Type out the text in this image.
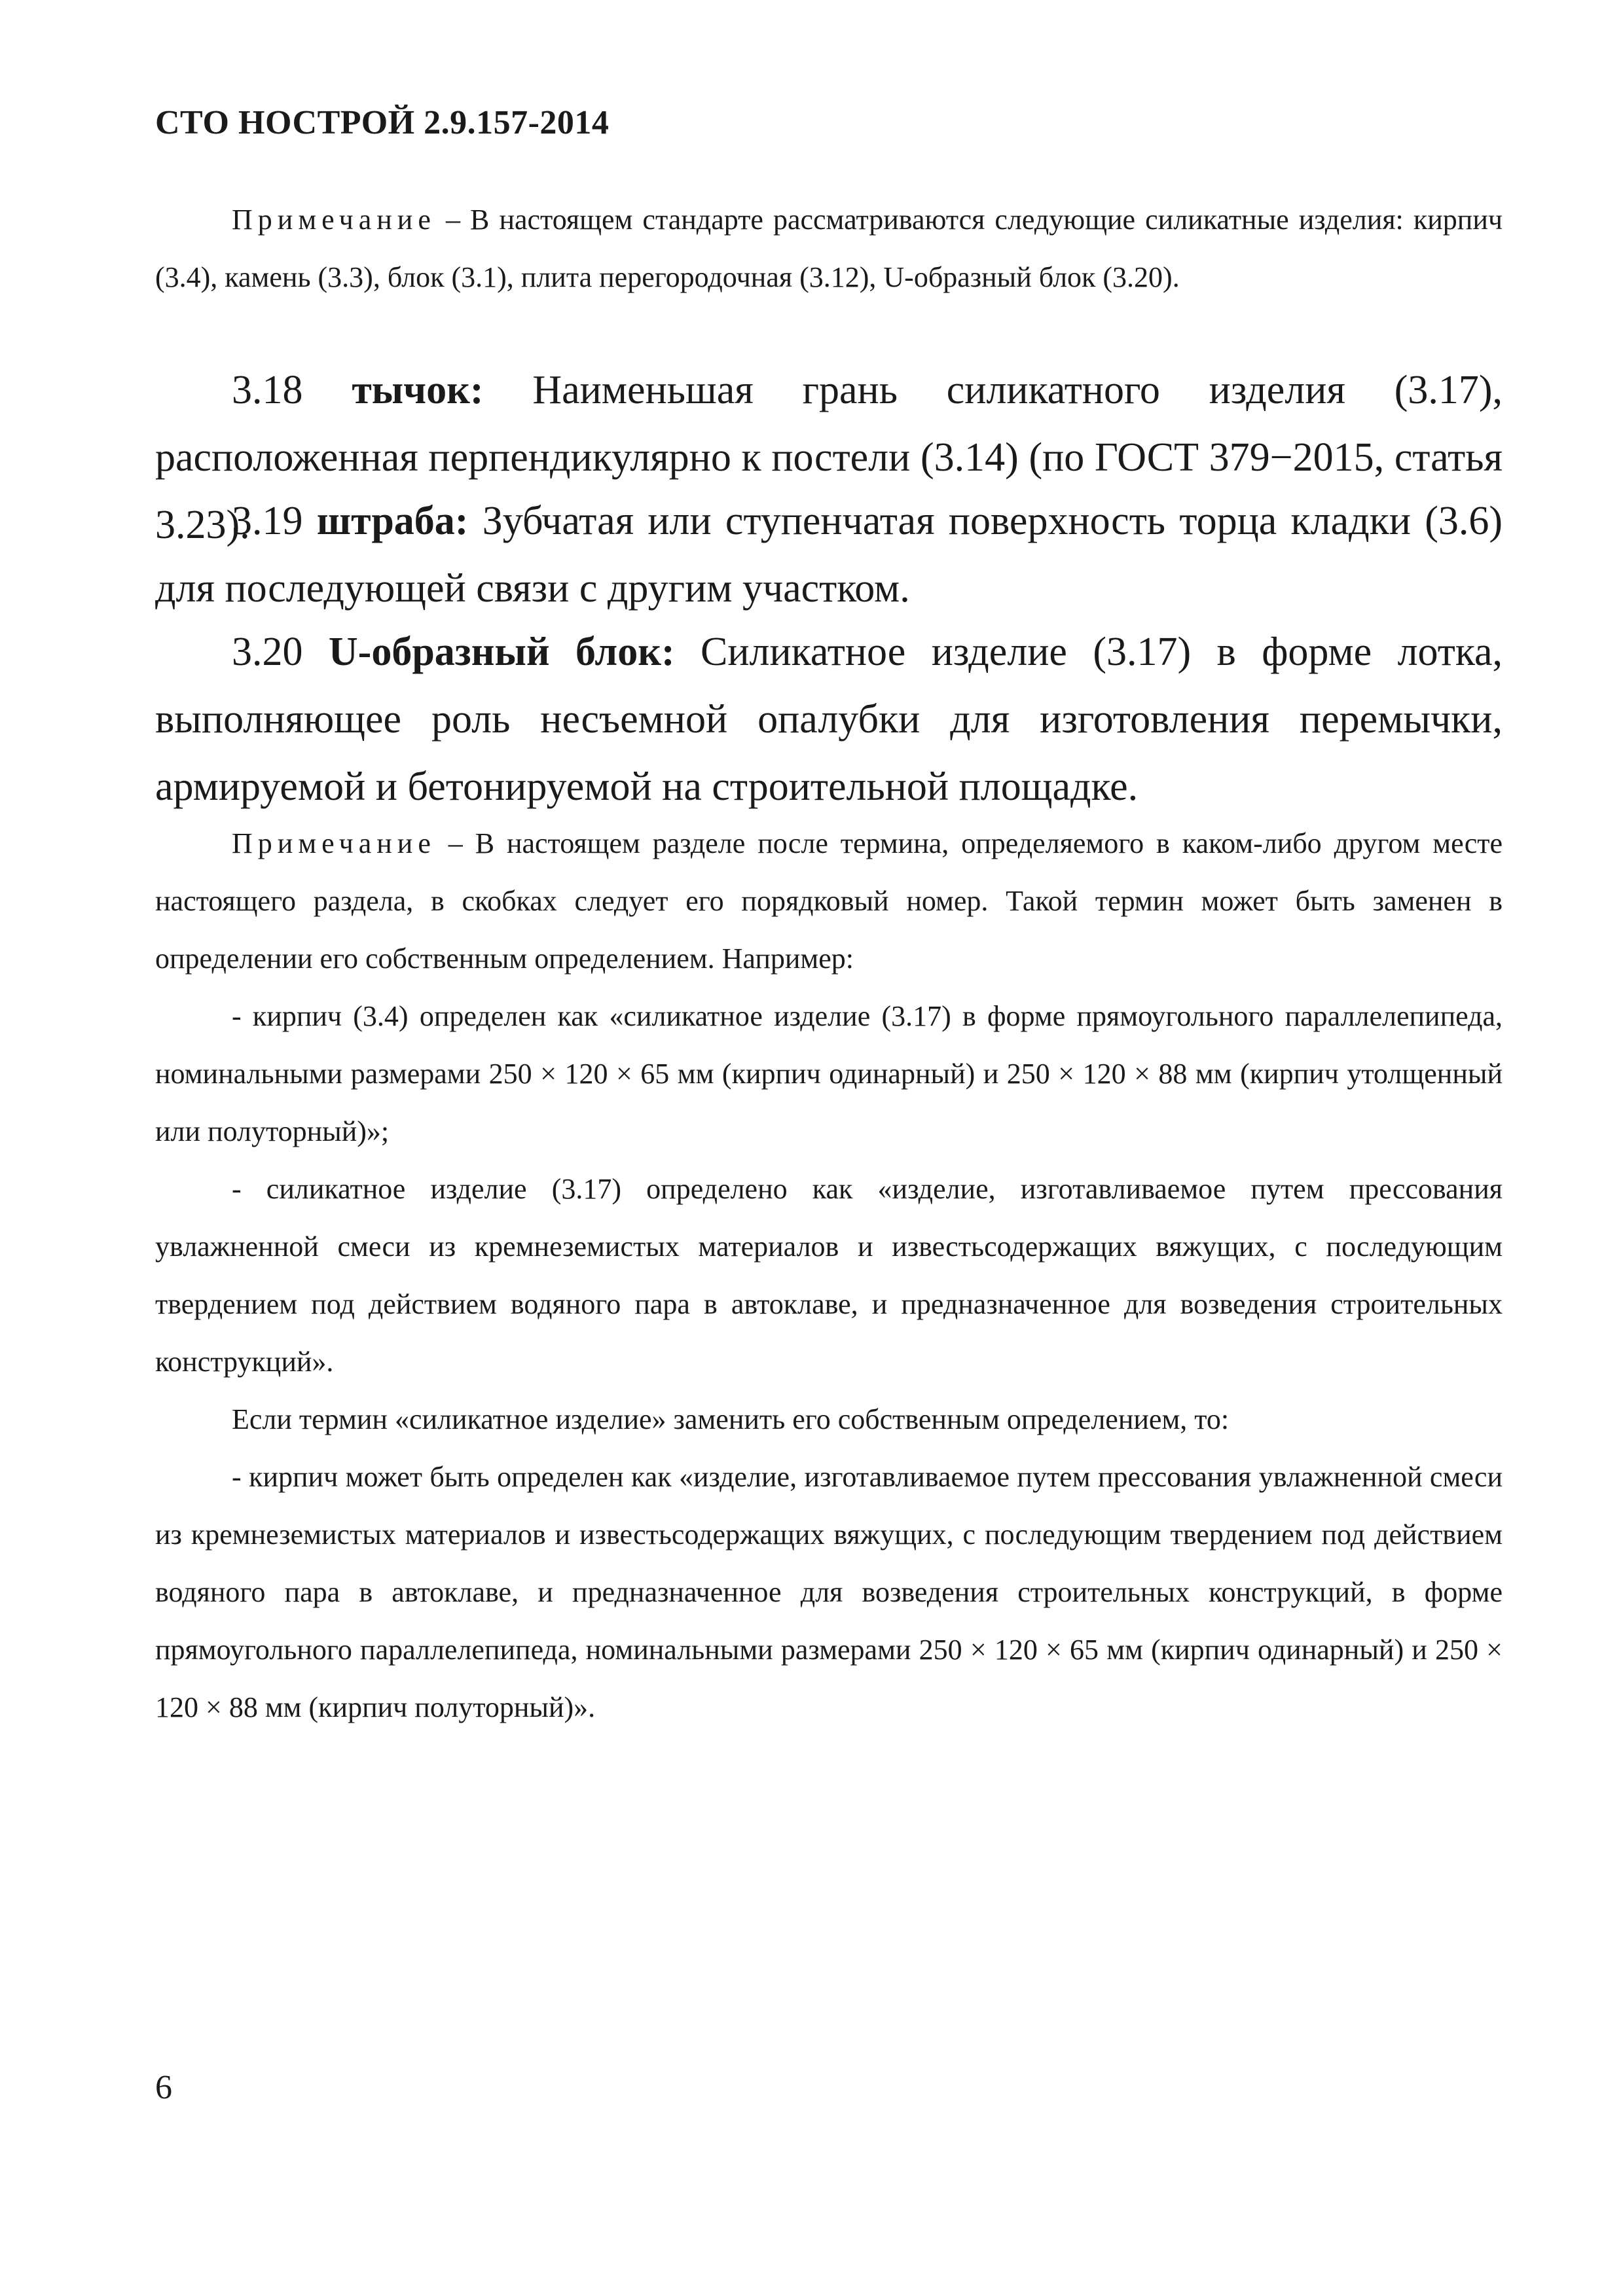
СТО НОСТРОЙ 2.9.157-2014

Примечание – В настоящем стандарте рассматриваются следующие силикатные изделия: кирпич (3.4), камень (3.3), блок (3.1), плита перегородочная (3.12), U-образный блок (3.20).

3.18 тычок: Наименьшая грань силикатного изделия (3.17), расположенная перпендикулярно к постели (3.14) (по ГОСТ 379−2015, статья 3.23).

3.19 штраба: Зубчатая или ступенчатая поверхность торца кладки (3.6) для последующей связи с другим участком.

3.20 U-образный блок: Силикатное изделие (3.17) в форме лотка, выполняющее роль несъемной опалубки для изготовления перемычки, армируемой и бетонируемой на строительной площадке.

Примечание – В настоящем разделе после термина, определяемого в каком-либо другом месте настоящего раздела, в скобках следует его порядковый номер. Такой термин может быть заменен в определении его собственным определением. Например:

- кирпич (3.4) определен как «силикатное изделие (3.17) в форме прямоугольного параллелепипеда, номинальными размерами 250 × 120 × 65 мм (кирпич одинарный) и 250 × 120 × 88 мм (кирпич утолщенный или полуторный)»;

- силикатное изделие (3.17) определено как «изделие, изготавливаемое путем прессования увлажненной смеси из кремнеземистых материалов и известьсодержащих вяжущих, с последующим твердением под действием водяного пара в автоклаве, и предназначенное для возведения строительных конструкций».

Если термин «силикатное изделие» заменить его собственным определением, то:

- кирпич может быть определен как «изделие, изготавливаемое путем прессования увлажненной смеси из кремнеземистых материалов и известьсодержащих вяжущих, с последующим твердением под действием водяного пара в автоклаве, и предназначенное для возведения строительных конструкций, в форме прямоугольного параллелепипеда, номинальными размерами 250 × 120 × 65 мм (кирпич одинарный) и 250 × 120 × 88 мм (кирпич полуторный)».

6
